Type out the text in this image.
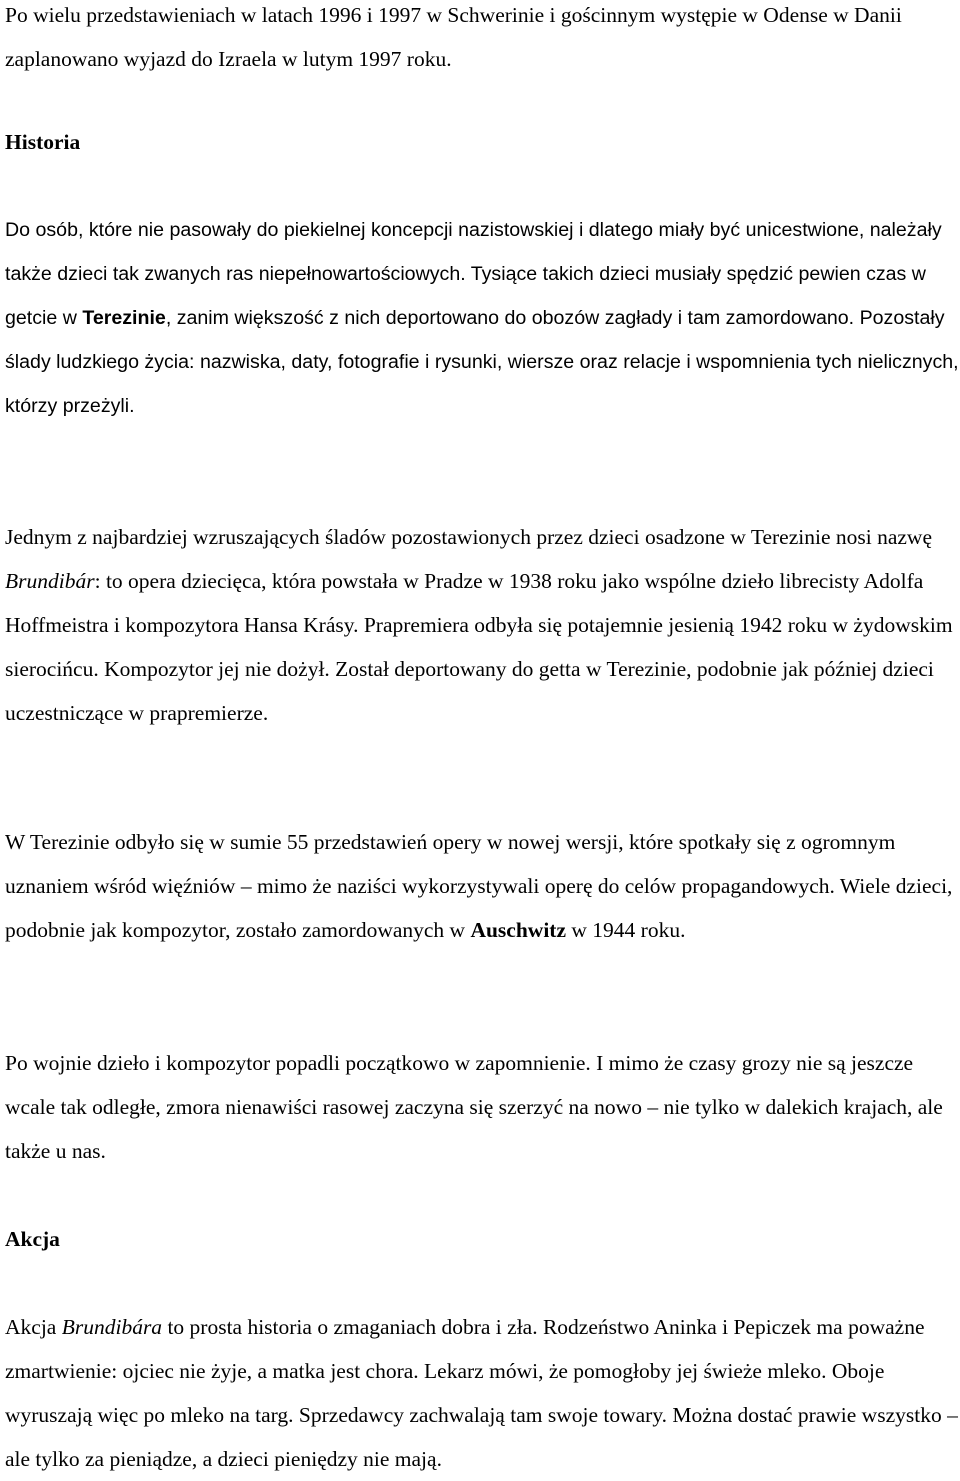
Po wielu przedstawieniach w latach 1996 i 1997 w Schwerinie i gościnnym występie w Odense w Danii zaplanowano wyjazd do Izraela w lutym 1997 roku.

Historia

Do osób, które nie pasowały do piekielnej koncepcji nazistowskiej i dlatego miały być unicestwione, należały także dzieci tak zwanych ras niepełnowartościowych. Tysiące takich dzieci musiały spędzić pewien czas w getcie w Terezinie, zanim większość z nich deportowano do obozów zagłady i tam zamordowano. Pozostały ślady ludzkiego życia: nazwiska, daty, fotografie i rysunki, wiersze oraz relacje i wspomnienia tych nielicznych, którzy przeżyli.

Jednym z najbardziej wzruszających śladów pozostawionych przez dzieci osadzone w Terezinie nosi nazwę Brundibár: to opera dziecięca, która powstała w Pradze w 1938 roku jako wspólne dzieło librecisty Adolfa Hoffmeistra i kompozytora Hansa Krásy. Prapremiera odbyła się potajemnie jesienią 1942 roku w żydowskim sierocińcu. Kompozytor jej nie dożył. Został deportowany do getta w Terezinie, podobnie jak później dzieci uczestniczące w prapremierze.

W Terezinie odbyło się w sumie 55 przedstawień opery w nowej wersji, które spotkały się z ogromnym uznaniem wśród więźniów – mimo że naziści wykorzystywali operę do celów propagandowych. Wiele dzieci, podobnie jak kompozytor, zostało zamordowanych w Auschwitz w 1944 roku.

Po wojnie dzieło i kompozytor popadli początkowo w zapomnienie. I mimo że czasy grozy nie są jeszcze wcale tak odległe, zmora nienawiści rasowej zaczyna się szerzyć na nowo – nie tylko w dalekich krajach, ale także u nas.

Akcja

Akcja Brundibára to prosta historia o zmaganiach dobra i zła. Rodzeństwo Aninka i Pepiczek ma poważne zmartwienie: ojciec nie żyje, a matka jest chora. Lekarz mówi, że pomogłoby jej świeże mleko. Oboje wyruszają więc po mleko na targ. Sprzedawcy zachwalają tam swoje towary. Można dostać prawie wszystko – ale tylko za pieniądze, a dzieci pieniędzy nie mają.
